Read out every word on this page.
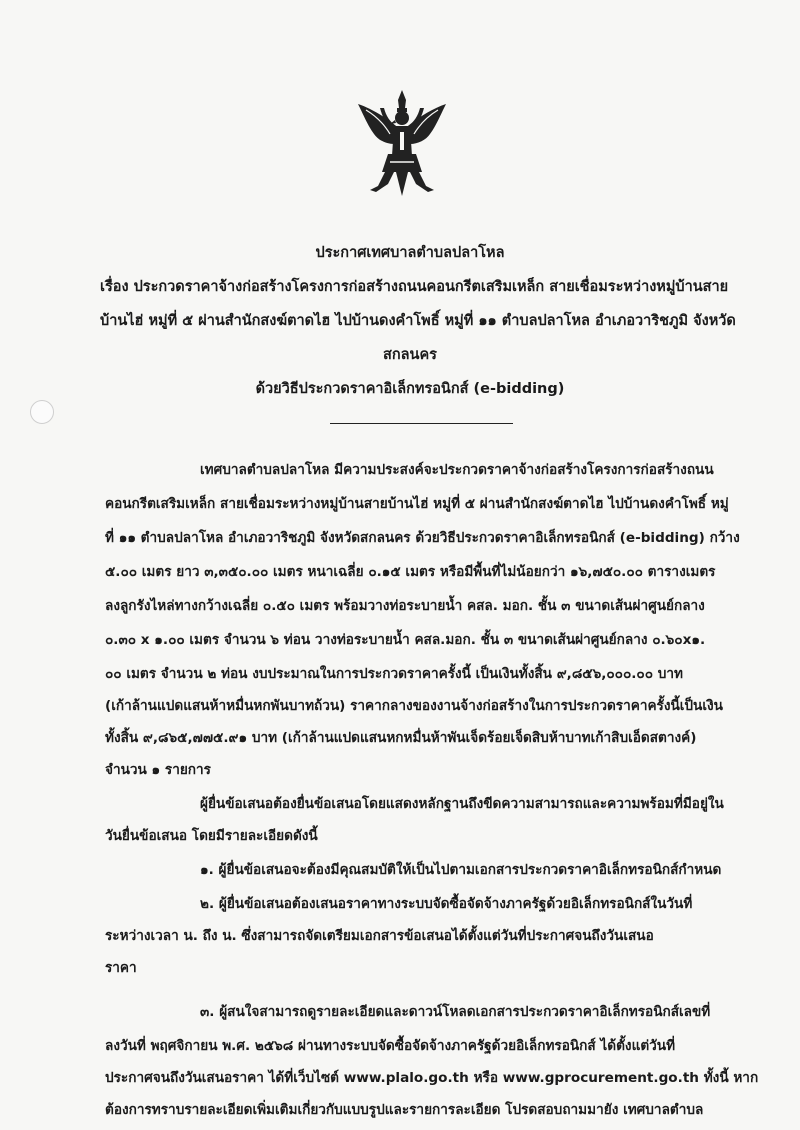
ประกาศเทศบาลตำบลปลาโหล
เรื่อง ประกวดราคาจ้างก่อสร้างโครงการก่อสร้างถนนคอนกรีตเสริมเหล็ก สายเชื่อมระหว่างหมู่บ้านสาย
บ้านไฮ่ หมู่ที่ ๕ ผ่านสำนักสงฆ์ตาดไฮ ไปบ้านดงคำโพธิ์ หมู่ที่ ๑๑ ตำบลปลาโหล อำเภอวาริชภูมิ จังหวัด
สกลนคร
ด้วยวิธีประกวดราคาอิเล็กทรอนิกส์ (e-bidding)
เทศบาลตำบลปลาโหล มีความประสงค์จะประกวดราคาจ้างก่อสร้างโครงการก่อสร้างถนน
คอนกรีตเสริมเหล็ก สายเชื่อมระหว่างหมู่บ้านสายบ้านไฮ่ หมู่ที่ ๕ ผ่านสำนักสงฆ์ตาดไฮ ไปบ้านดงคำโพธิ์ หมู่
ที่ ๑๑ ตำบลปลาโหล อำเภอวาริชภูมิ จังหวัดสกลนคร ด้วยวิธีประกวดราคาอิเล็กทรอนิกส์ (e-bidding) กว้าง
๕.๐๐ เมตร ยาว ๓,๓๕๐.๐๐ เมตร หนาเฉลี่ย ๐.๑๕ เมตร หรือมีพื้นที่ไม่น้อยกว่า ๑๖,๗๕๐.๐๐ ตารางเมตร
ลงลูกรังไหล่ทางกว้างเฉลี่ย ๐.๕๐ เมตร พร้อมวางท่อระบายน้ำ คสล. มอก. ชั้น ๓ ขนาดเส้นผ่าศูนย์กลาง
๐.๓๐ x ๑.๐๐ เมตร จำนวน ๖ ท่อน วางท่อระบายน้ำ คสล.มอก. ชั้น ๓ ขนาดเส้นผ่าศูนย์กลาง ๐.๖๐x๑.
๐๐ เมตร จำนวน ๒ ท่อน งบประมาณในการประกวดราคาครั้งนี้ เป็นเงินทั้งสิ้น ๙,๘๕๖,๐๐๐.๐๐ บาท
(เก้าล้านแปดแสนห้าหมื่นหกพันบาทถ้วน) ราคากลางของงานจ้างก่อสร้างในการประกวดราคาครั้งนี้เป็นเงิน
ทั้งสิ้น ๙,๘๖๕,๗๗๕.๙๑ บาท (เก้าล้านแปดแสนหกหมื่นห้าพันเจ็ดร้อยเจ็ดสิบห้าบาทเก้าสิบเอ็ดสตางค์)
จำนวน ๑ รายการ
ผู้ยื่นข้อเสนอต้องยื่นข้อเสนอโดยแสดงหลักฐานถึงขีดความสามารถและความพร้อมที่มีอยู่ใน
วันยื่นข้อเสนอ โดยมีรายละเอียดดังนี้
๑. ผู้ยื่นข้อเสนอจะต้องมีคุณสมบัติให้เป็นไปตามเอกสารประกวดราคาอิเล็กทรอนิกส์กำหนด
๒. ผู้ยื่นข้อเสนอต้องเสนอราคาทางระบบจัดซื้อจัดจ้างภาครัฐด้วยอิเล็กทรอนิกส์ในวันที่
ระหว่างเวลา น. ถึง น. ซึ่งสามารถจัดเตรียมเอกสารข้อเสนอได้ตั้งแต่วันที่ประกาศจนถึงวันเสนอ
ราคา
๓. ผู้สนใจสามารถดูรายละเอียดและดาวน์โหลดเอกสารประกวดราคาอิเล็กทรอนิกส์เลขที่
ลงวันที่ พฤศจิกายน พ.ศ. ๒๕๖๘ ผ่านทางระบบจัดซื้อจัดจ้างภาครัฐด้วยอิเล็กทรอนิกส์ ได้ตั้งแต่วันที่
ประกาศจนถึงวันเสนอราคา ได้ที่เว็บไซต์ www.plalo.go.th หรือ www.gprocurement.go.th ทั้งนี้ หาก
ต้องการทราบรายละเอียดเพิ่มเติมเกี่ยวกับแบบรูปและรายการละเอียด โปรดสอบถามมายัง เทศบาลตำบล
